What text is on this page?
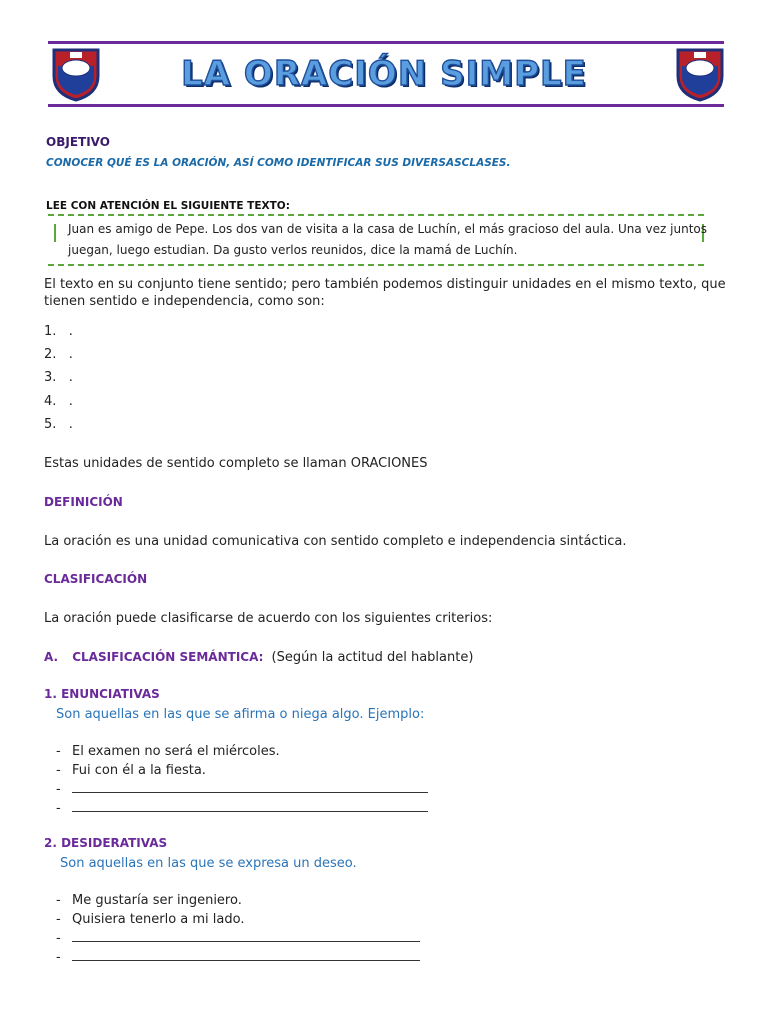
LA ORACIÓN SIMPLE
OBJETIVO
CONOCER QUÉ ES LA ORACIÓN, ASÍ COMO IDENTIFICAR SUS DIVERSASCLASES.
LEE CON ATENCIÓN EL SIGUIENTE TEXTO:
Juan es amigo de Pepe. Los dos van de visita a la casa de Luchín, el más gracioso del aula. Una vez juntos
juegan, luego estudian. Da gusto verlos reunidos, dice la mamá de Luchín.
El texto en su conjunto tiene sentido; pero también podemos distinguir unidades en el mismo texto, que
tienen sentido e independencia, como son:
1.   .
2.   .
3.   .
4.   .
5.   .
Estas unidades de sentido completo se llaman ORACIONES
DEFINICIÓN
La oración es una unidad comunicativa con sentido completo e independencia sintáctica.
CLASIFICACIÓN
La oración puede clasificarse de acuerdo con los siguientes criterios:
A. CLASIFICACIÓN SEMÁNTICA: (Según la actitud del hablante)
1. ENUNCIATIVAS
Son aquellas en las que se afirma o niega algo. Ejemplo:
- El examen no será el miércoles.
- Fui con él a la fiesta.
-
-
2. DESIDERATIVAS
Son aquellas en las que se expresa un deseo.
- Me gustaría ser ingeniero.
- Quisiera tenerlo a mi lado.
-
-
